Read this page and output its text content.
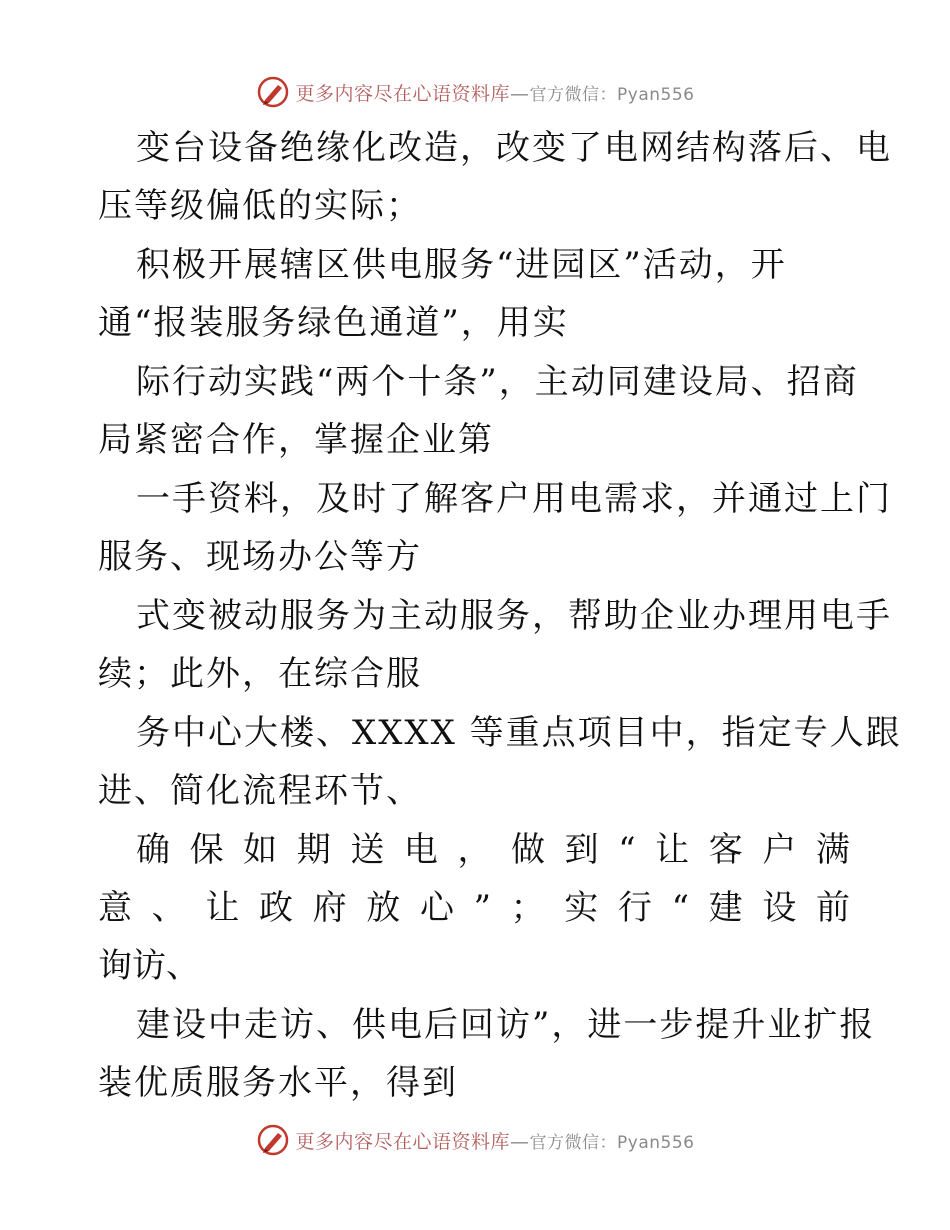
更多内容尽在心语资料库—官方微信：Pyan556
变台设备绝缘化改造，改变了电网结构落后、电
压等级偏低的实际；
积极开展辖区供电服务“进园区”活动，开
通“报装服务绿色通道”，用实
际行动实践“两个十条”，主动同建设局、招商
局紧密合作，掌握企业第
一手资料，及时了解客户用电需求，并通过上门
服务、现场办公等方
式变被动服务为主动服务，帮助企业办理用电手
续；此外，在综合服
务中心大楼、XXXX 等重点项目中，指定专人跟
进、简化流程环节、
确 保 如 期 送 电 ， 做 到 “ 让 客 户 满
意 、 让 政 府 放 心 ” ； 实 行 “ 建 设 前
询 访 、
建设中走访、供电后回访”，进一步提升业扩报
装优质服务水平，得到
更多内容尽在心语资料库—官方微信：Pyan556
